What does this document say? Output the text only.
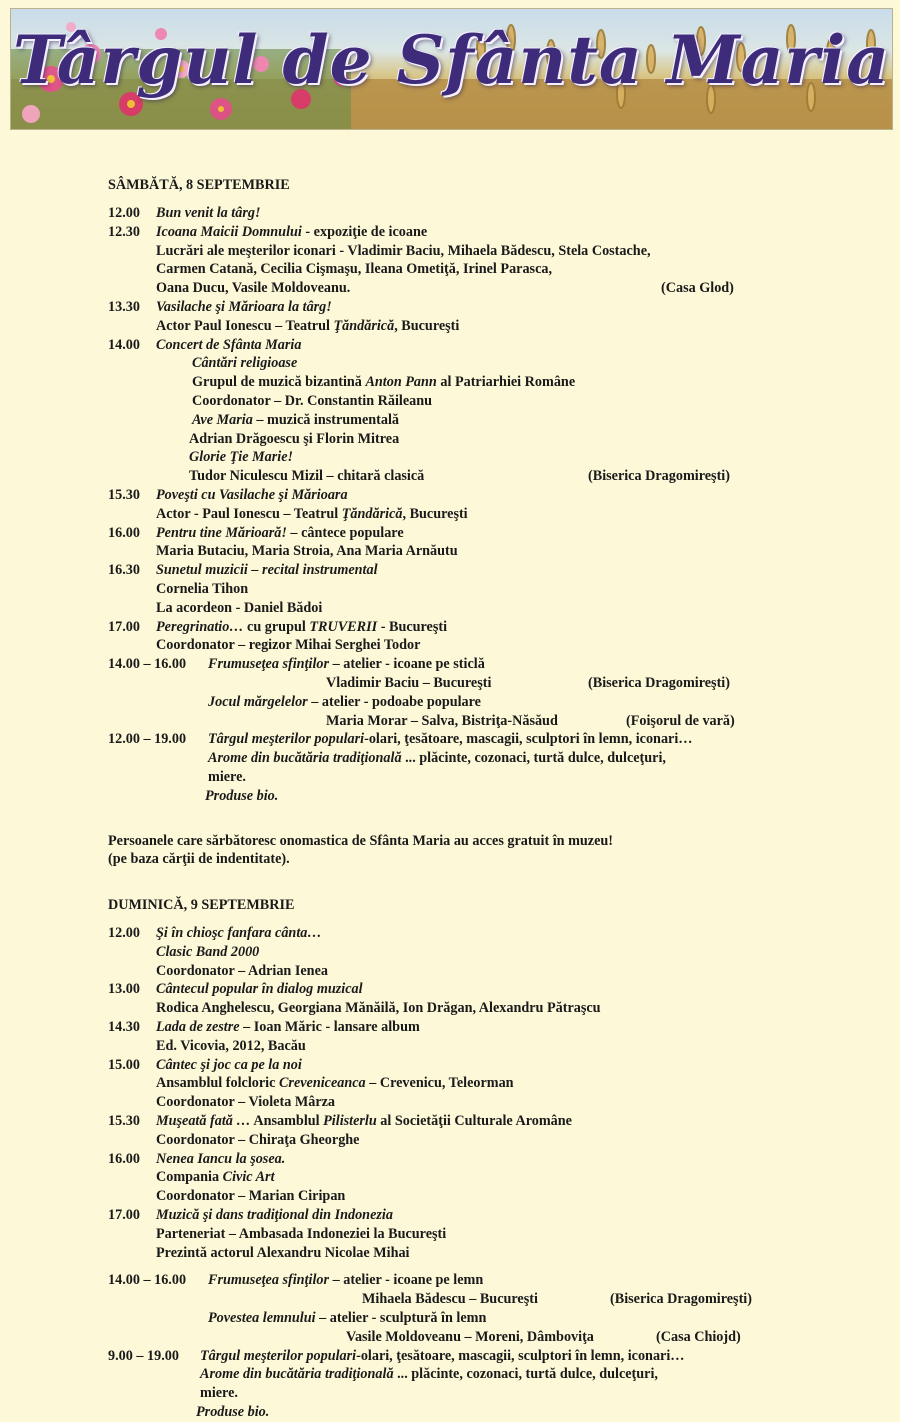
Târgul de Sfânta Maria
SÂMBĂTĂ, 8 SEPTEMBRIE
12.00 Bun venit la târg!
12.30 Icoana Maicii Domnului - expoziţie de icoane
Lucrări ale meşterilor iconari - Vladimir Baciu, Mihaela Bădescu, Stela Costache,
Carmen Catană, Cecilia Cişmaşu, Ileana Ometiţă, Irinel Parasca,
Oana Ducu, Vasile Moldoveanu.	(Casa Glod)
13.30 Vasilache şi Mărioara la târg!
Actor Paul Ionescu – Teatrul Ţăndărică, Bucureşti
14.00 Concert de Sfânta Maria
Cântări religioase
Grupul de muzică bizantină Anton Pann al Patriarhiei Române
Coordonator – Dr. Constantin Răileanu
Ave Maria – muzică instrumentală
Adrian Drăgoescu şi Florin Mitrea
Glorie Ţie Marie!
Tudor Niculescu Mizil – chitară clasică	(Biserica Dragomireşti)
15.30 Poveşti cu Vasilache şi Mărioara
Actor - Paul Ionescu – Teatrul Ţăndărică, Bucureşti
16.00 Pentru tine Mărioară! – cântece populare
Maria Butaciu, Maria Stroia, Ana Maria Arnăutu
16.30 Sunetul muzicii – recital instrumental
Cornelia Tihon
La acordeon - Daniel Bădoi
17.00 Peregrinatio… cu grupul TRUVERII - Bucureşti
Coordonator – regizor Mihai Serghei Todor
14.00 – 16.00 Frumuseţea sfinţilor – atelier - icoane pe sticlă
Vladimir Baciu – Bucureşti	(Biserica Dragomireşti)
Jocul mărgelelor – atelier - podoabe populare
Maria Morar – Salva, Bistriţa-Năsăud	(Foişorul de vară)
12.00 – 19.00 Târgul meşterilor populari-olari, ţesătoare, mascagii, sculptori în lemn, iconari…
Arome din bucătăria tradiţională ... plăcinte, cozonaci, turtă dulce, dulceţuri,
miere.
Produse bio.
Persoanele care sărbătoresc onomastica de Sfânta Maria au acces gratuit în muzeu!
(pe baza cărţii de indentitate).
DUMINICĂ, 9 SEPTEMBRIE
12.00 Şi în chioşc fanfara cânta…
Clasic Band 2000
Coordonator – Adrian Ienea
13.00 Cântecul popular în dialog muzical
Rodica Anghelescu, Georgiana Mănăilă, Ion Drăgan, Alexandru Pătraşcu
14.30 Lada de zestre – Ioan Măric - lansare album
Ed. Vicovia, 2012, Bacău
15.00 Cântec şi joc ca pe la noi
Ansamblul folcloric Creveniceanca – Crevenicu, Teleorman
Coordonator – Violeta Mârza
15.30 Muşeată fată … Ansamblul Pilisterlu al Societăţii Culturale Aromâne
Coordonator – Chiraţa Gheorghe
16.00 Nenea Iancu la şosea.
Compania Civic Art
Coordonator – Marian Ciripan
17.00 Muzică şi dans tradiţional din Indonezia
Parteneriat – Ambasada Indoneziei la Bucureşti
Prezintă actorul Alexandru Nicolae Mihai
14.00 – 16.00 Frumuseţea sfinţilor – atelier - icoane pe lemn
Mihaela Bădescu – Bucureşti	(Biserica Dragomireşti)
Povestea lemnului – atelier - sculptură în lemn
Vasile Moldoveanu – Moreni, Dâmboviţa	(Casa Chiojd)
9.00 – 19.00 Târgul meşterilor populari-olari, ţesătoare, mascagii, sculptori în lemn, iconari…
Arome din bucătăria tradiţională ... plăcinte, cozonaci, turtă dulce, dulceţuri,
miere.
Produse bio.
